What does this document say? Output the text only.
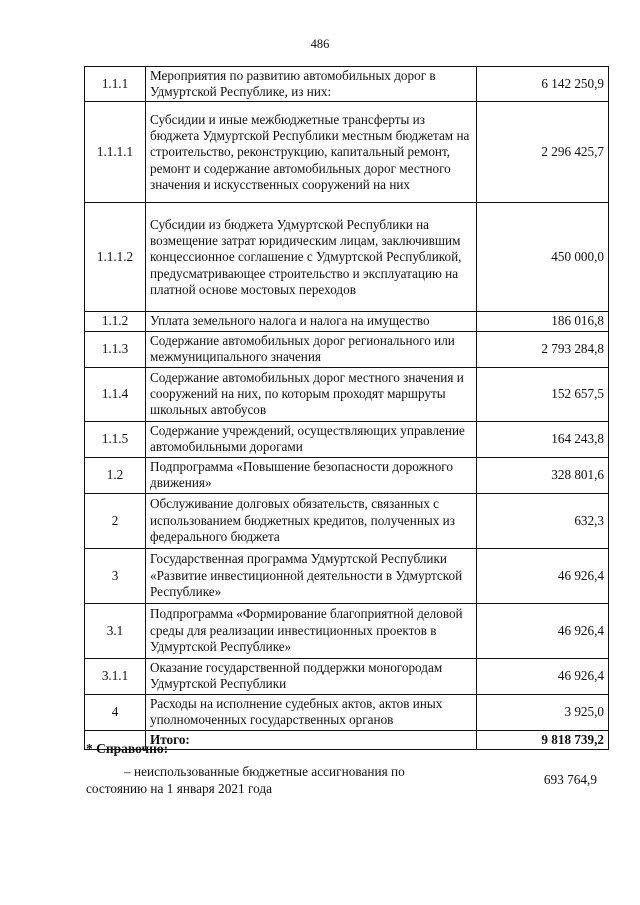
486
1.1.1	Мероприятия по развитию автомобильных дорог в Удмуртской Республике, из них:	6 142 250,9
1.1.1.1	Субсидии и иные межбюджетные трансферты из бюджета Удмуртской Республики местным бюджетам на строительство, реконструкцию, капитальный ремонт, ремонт и содержание автомобильных дорог местного значения и искусственных сооружений на них	2 296 425,7
1.1.1.2	Субсидии из бюджета Удмуртской Республики на возмещение затрат юридическим лицам, заключившим концессионное соглашение с Удмуртской Республикой, предусматривающее строительство и эксплуатацию на платной основе мостовых переходов	450 000,0
1.1.2	Уплата земельного налога и налога на имущество	186 016,8
1.1.3	Содержание автомобильных дорог регионального или межмуниципального значения	2 793 284,8
1.1.4	Содержание автомобильных дорог местного значения и сооружений на них, по которым проходят маршруты школьных автобусов	152 657,5
1.1.5	Содержание учреждений, осуществляющих управление автомобильными дорогами	164 243,8
1.2	Подпрограмма «Повышение безопасности дорожного движения»	328 801,6
2	Обслуживание долговых обязательств, связанных с использованием бюджетных кредитов, полученных из федерального бюджета	632,3
3	Государственная программа Удмуртской Республики «Развитие инвестиционной деятельности в Удмуртской Республике»	46 926,4
3.1	Подпрограмма «Формирование благоприятной деловой среды для реализации инвестиционных проектов в Удмуртской Республике»	46 926,4
3.1.1	Оказание государственной поддержки моногородам Удмуртской Республики	46 926,4
4	Расходы на исполнение судебных актов, актов иных уполномоченных государственных органов	3 925,0
	Итого:	9 818 739,2
* Справочно:
– неиспользованные бюджетные ассигнования по
состоянию на 1 января 2021 года
693 764,9
